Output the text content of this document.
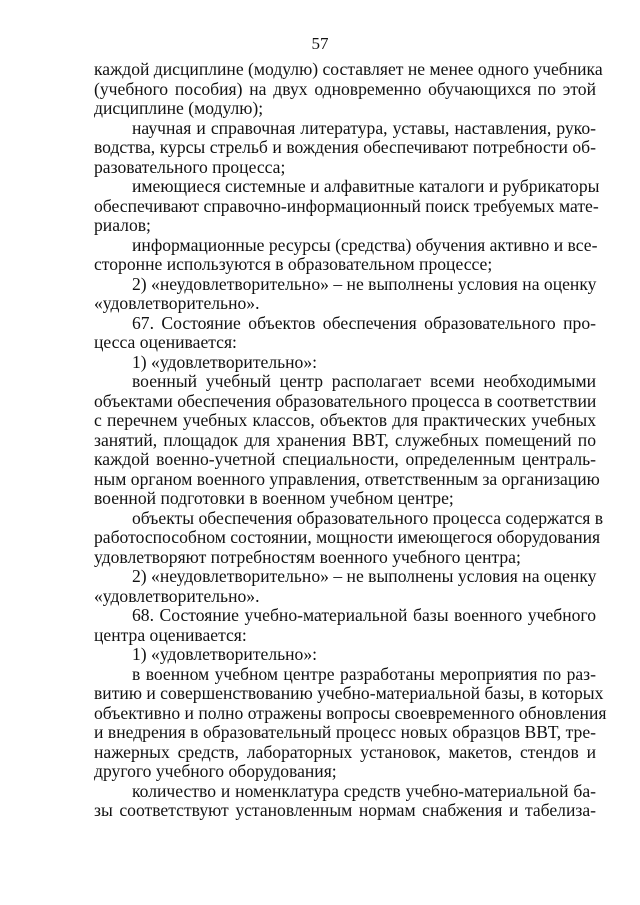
57
каждой дисциплине (модулю) составляет не менее одного учебника
(учебного пособия) на двух одновременно обучающихся по этой
дисциплине (модулю);
научная и справочная литература, уставы, наставления, руко-
водства, курсы стрельб и вождения обеспечивают потребности об-
разовательного процесса;
имеющиеся системные и алфавитные каталоги и рубрикаторы
обеспечивают справочно-информационный поиск требуемых мате-
риалов;
информационные ресурсы (средства) обучения активно и все-
сторонне используются в образовательном процессе;
2) «неудовлетворительно» – не выполнены условия на оценку
«удовлетворительно».
67. Состояние объектов обеспечения образовательного про-
цесса оценивается:
1) «удовлетворительно»:
военный учебный центр располагает всеми необходимыми
объектами обеспечения образовательного процесса в соответствии
с перечнем учебных классов, объектов для практических учебных
занятий, площадок для хранения ВВТ, служебных помещений по
каждой военно-учетной специальности, определенным централь-
ным органом военного управления, ответственным за организацию
военной подготовки в военном учебном центре;
объекты обеспечения образовательного процесса содержатся в
работоспособном состоянии, мощности имеющегося оборудования
удовлетворяют потребностям военного учебного центра;
2) «неудовлетворительно» – не выполнены условия на оценку
«удовлетворительно».
68. Состояние учебно-материальной базы военного учебного
центра оценивается:
1) «удовлетворительно»:
в военном учебном центре разработаны мероприятия по раз-
витию и совершенствованию учебно-материальной базы, в которых
объективно и полно отражены вопросы своевременного обновления
и внедрения в образовательный процесс новых образцов ВВТ, тре-
нажерных средств, лабораторных установок, макетов, стендов и
другого учебного оборудования;
количество и номенклатура средств учебно-материальной ба-
зы соответствуют установленным нормам снабжения и табелиза-
